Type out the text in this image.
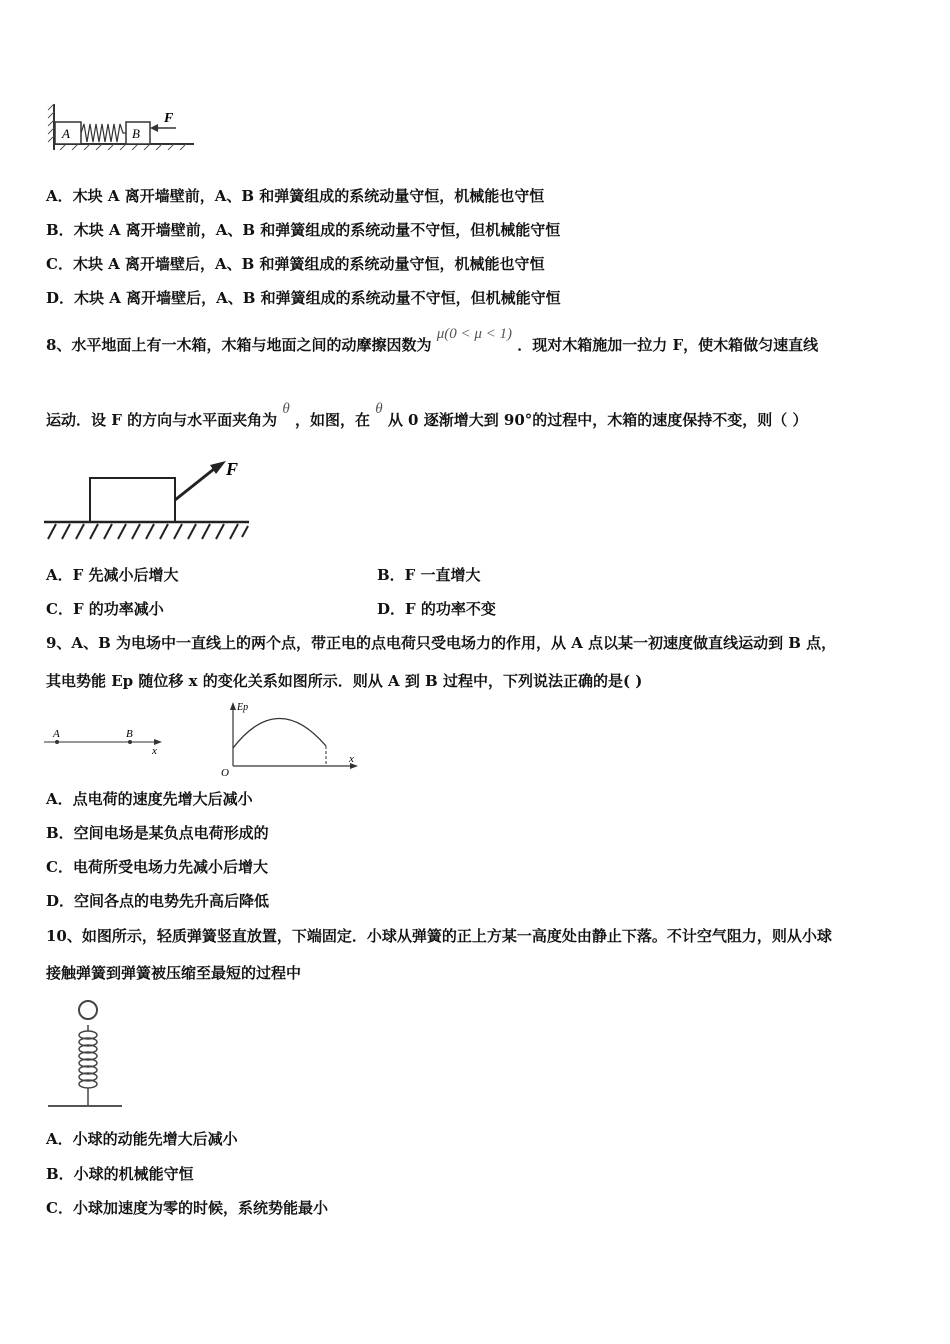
A	B
F
A．木块 A 离开墙壁前，A、B 和弹簧组成的系统动量守恒，机械能也守恒
B．木块 A 离开墙壁前，A、B 和弹簧组成的系统动量不守恒，但机械能守恒
C．木块 A 离开墙壁后，A、B 和弹簧组成的系统动量守恒，机械能也守恒
D．木块 A 离开墙壁后，A、B 和弹簧组成的系统动量不守恒，但机械能守恒
8、水平地面上有一木箱，木箱与地面之间的动摩擦因数为 μ(0 < μ < 1) ．现对木箱施加一拉力 F，使木箱做匀速直线
运动．设 F 的方向与水平面夹角为 θ ，如图，在 θ 从 0 逐渐增大到 90°的过程中，木箱的速度保持不变，则（ ）
F
A．F 先减小后增大	B．F 一直增大
C．F 的功率减小	D．F 的功率不变
9、A、B 为电场中一直线上的两个点，带正电的点电荷只受电场力的作用，从 A 点以某一初速度做直线运动到 B 点，
其电势能 Ep 随位移 x 的变化关系如图所示．则从 A 到 B 过程中，下列说法正确的是( )
A	B
x
Ep
O
x
A．点电荷的速度先增大后减小
B．空间电场是某负点电荷形成的
C．电荷所受电场力先减小后增大
D．空间各点的电势先升高后降低
10、如图所示，轻质弹簧竖直放置，下端固定．小球从弹簧的正上方某一高度处由静止下落。不计空气阻力，则从小球
接触弹簧到弹簧被压缩至最短的过程中
A．小球的动能先增大后减小
B．小球的机械能守恒
C．小球加速度为零的时候，系统势能最小
